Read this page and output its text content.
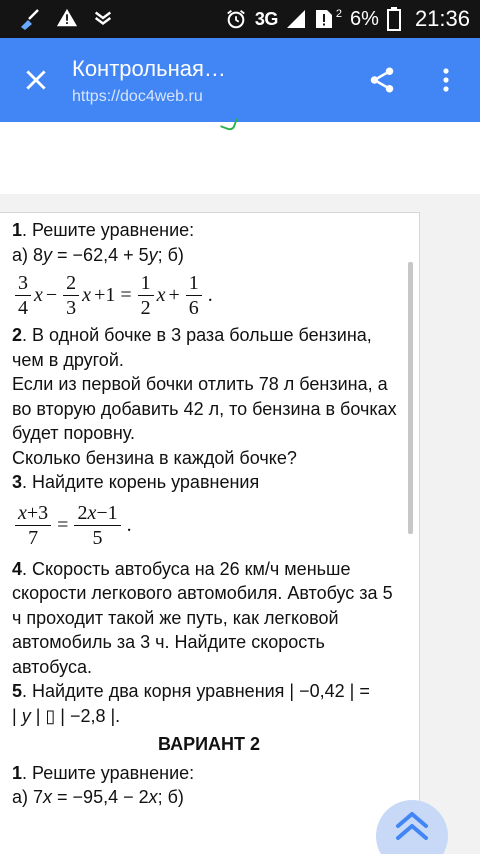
3G	2 6% 21:36
Контрольная…
https://doc4web.ru

1. Решите уравнение:

а) 8y = −62,4 + 5y; б)

$\frac{3}{4}$ $x - \frac{2}{3}$ $x +1 = \frac{1}{2}$ $x + \frac{1}{6}$ .

2. В одной бочке в 3 раза больше бензина, чем в другой.

Если из первой бочки отлить 78 л бензина, а во вторую добавить 42 л, то бензина в бочках будет поровну.

Сколько бензина в каждой бочке?

3. Найдите корень уравнения

$\frac{x+3}{7} = \frac{2x-1}{5}$ .

4. Скорость автобуса на 26 км/ч меньше скорости легкового автомобиля. Автобус за 5 ч проходит такой же путь, как легковой автомобиль за 3 ч. Найдите скорость автобуса.

5. Найдите два корня уравнения | −0,42 | =

| y | ▯ | −2,8 |.

ВАРИАНТ 2

1. Решите уравнение:

а) 7x = −95,4 − 2x; б)
